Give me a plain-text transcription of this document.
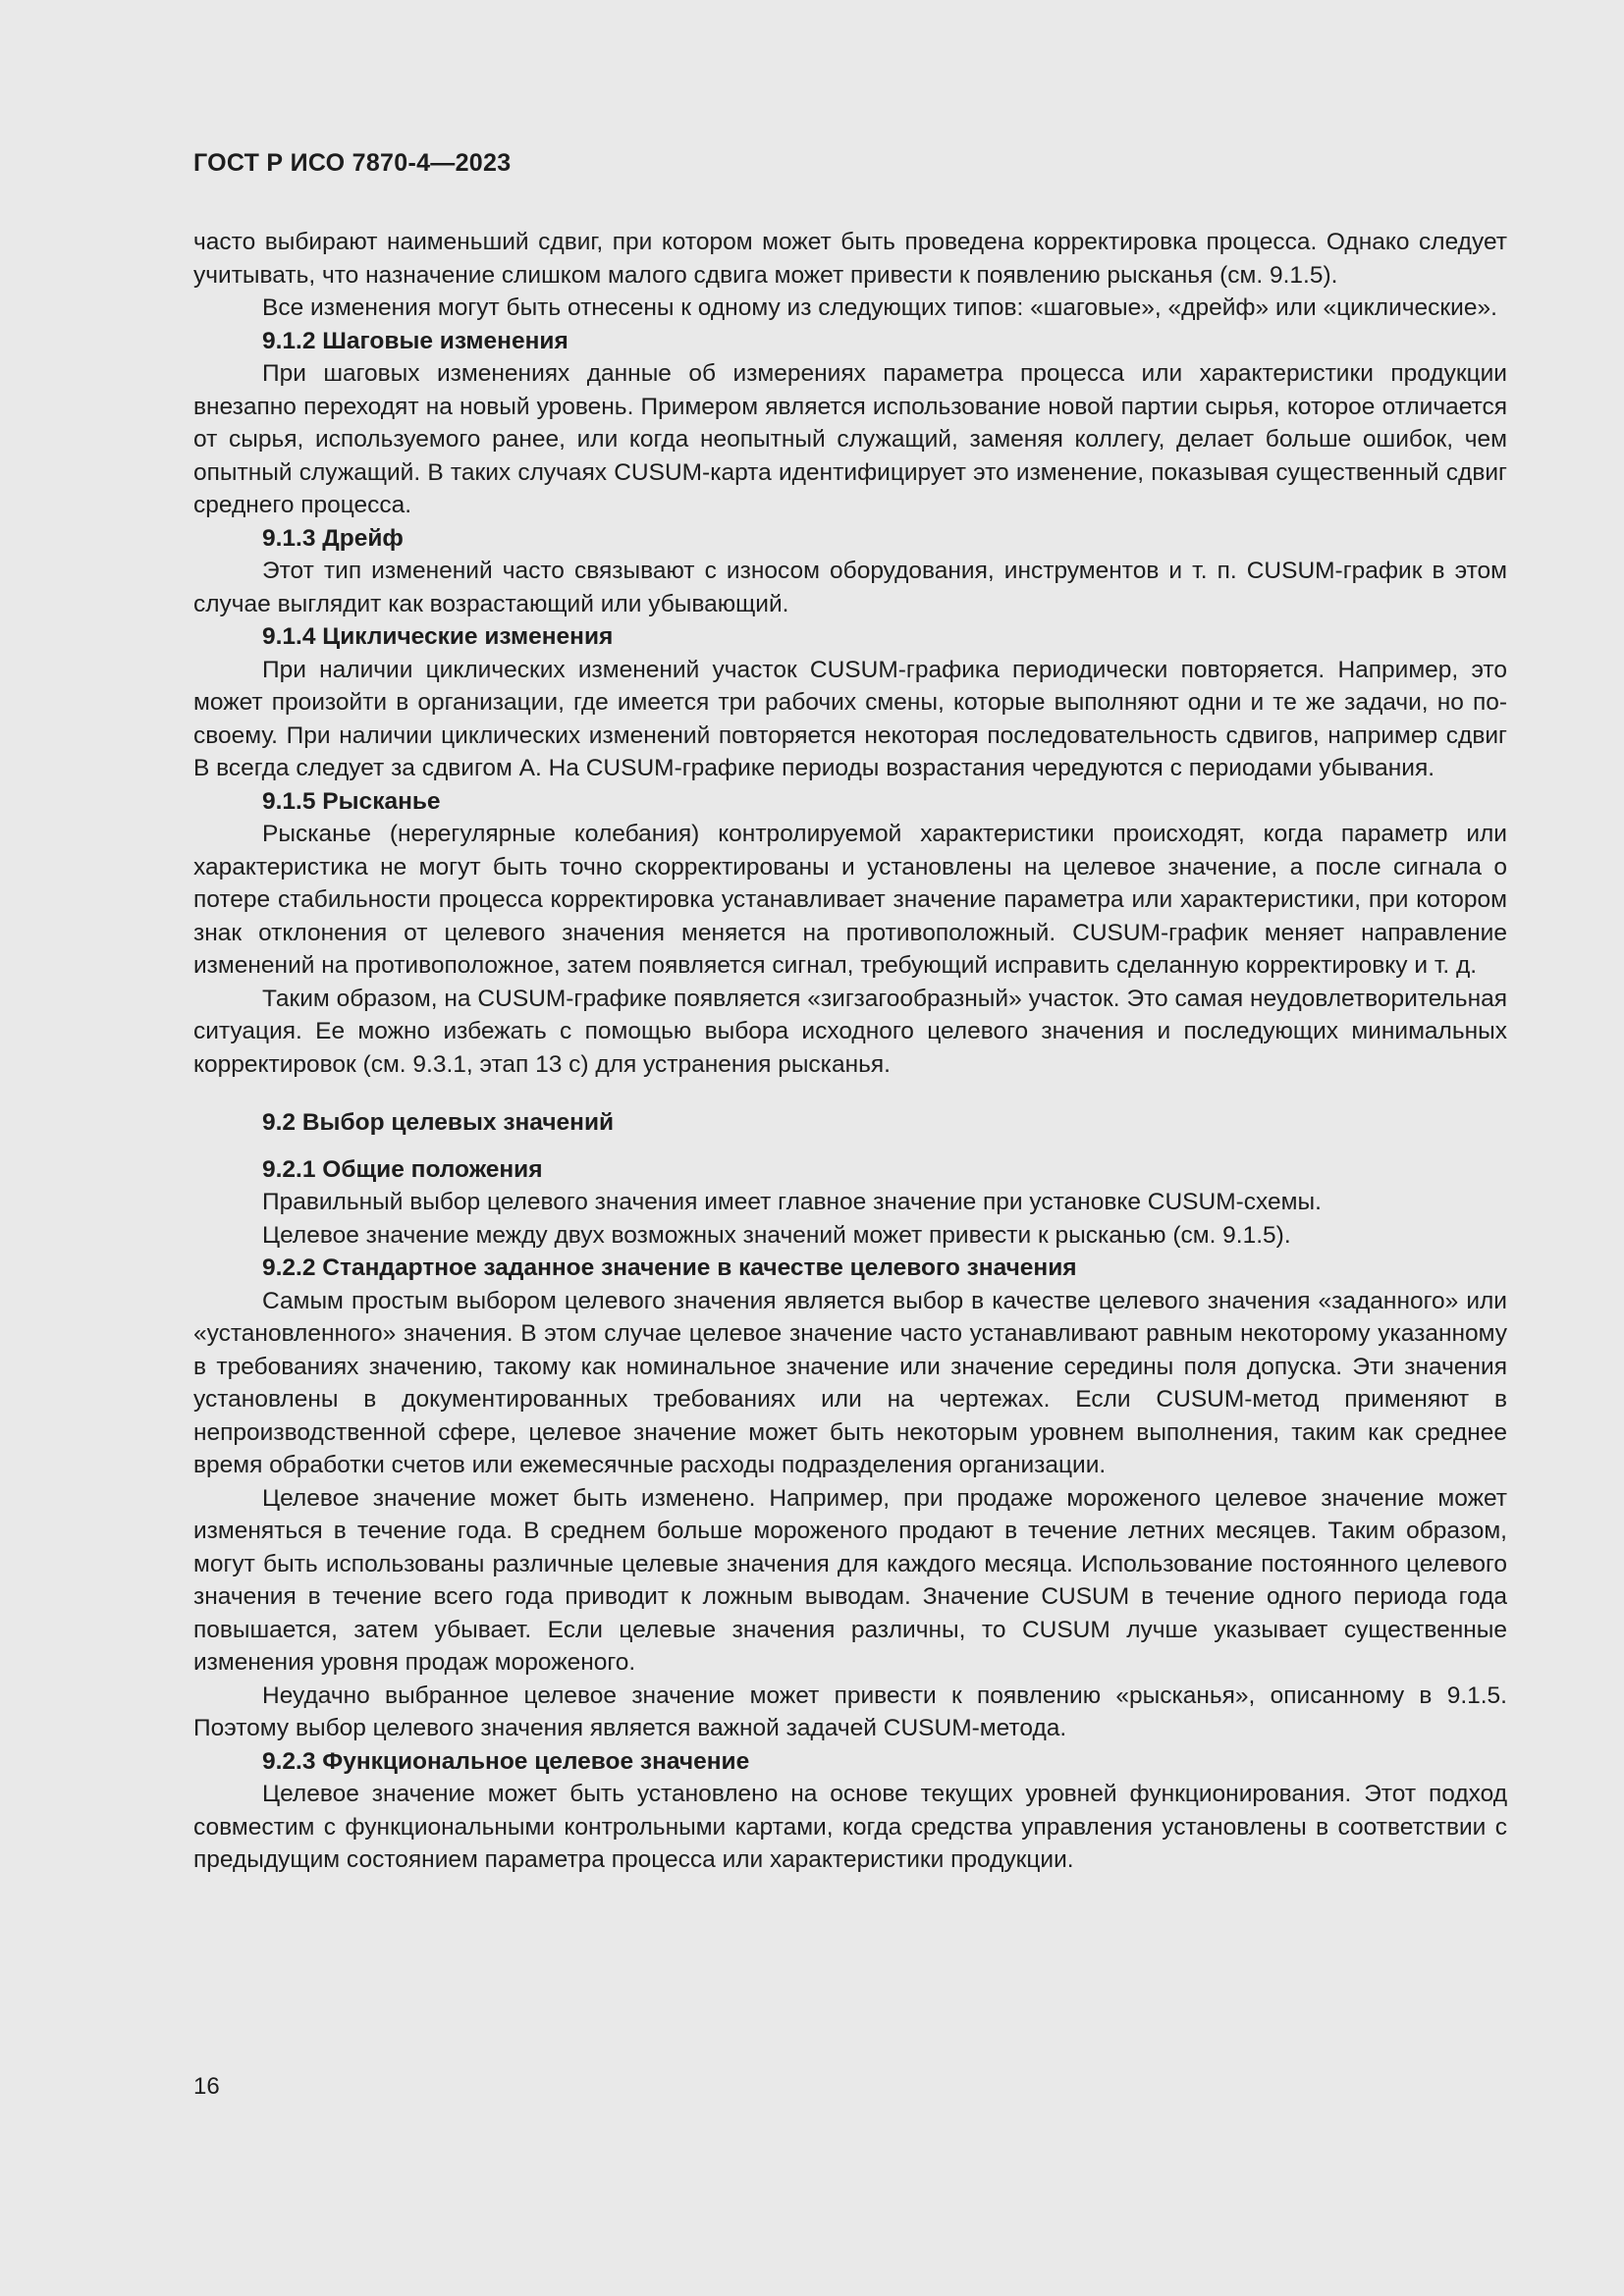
ГОСТ Р ИСО 7870-4—2023

часто выбирают наименьший сдвиг, при котором может быть проведена корректировка процесса. Однако следует учитывать, что назначение слишком малого сдвига может привести к появлению рысканья (см. 9.1.5).

Все изменения могут быть отнесены к одному из следующих типов: «шаговые», «дрейф» или «циклические».

9.1.2 Шаговые изменения

При шаговых изменениях данные об измерениях параметра процесса или характеристики продукции внезапно переходят на новый уровень. Примером является использование новой партии сырья, которое отличается от сырья, используемого ранее, или когда неопытный служащий, заменяя коллегу, делает больше ошибок, чем опытный служащий. В таких случаях CUSUM-карта идентифицирует это изменение, показывая существенный сдвиг среднего процесса.

9.1.3 Дрейф

Этот тип изменений часто связывают с износом оборудования, инструментов и т. п. CUSUM-график в этом случае выглядит как возрастающий или убывающий.

9.1.4 Циклические изменения

При наличии циклических изменений участок CUSUM-графика периодически повторяется. Например, это может произойти в организации, где имеется три рабочих смены, которые выполняют одни и те же задачи, но по-своему. При наличии циклических изменений повторяется некоторая последовательность сдвигов, например сдвиг В всегда следует за сдвигом А. На CUSUM-графике периоды возрастания чередуются с периодами убывания.

9.1.5 Рысканье

Рысканье (нерегулярные колебания) контролируемой характеристики происходят, когда параметр или характеристика не могут быть точно скорректированы и установлены на целевое значение, а после сигнала о потере стабильности процесса корректировка устанавливает значение параметра или характеристики, при котором знак отклонения от целевого значения меняется на противоположный. CUSUM-график меняет направление изменений на противоположное, затем появляется сигнал, требующий исправить сделанную корректировку и т. д.

Таким образом, на CUSUM-графике появляется «зигзагообразный» участок. Это самая неудовлетворительная ситуация. Ее можно избежать с помощью выбора исходного целевого значения и последующих минимальных корректировок (см. 9.3.1, этап 13 с) для устранения рысканья.

9.2 Выбор целевых значений

9.2.1 Общие положения

Правильный выбор целевого значения имеет главное значение при установке CUSUM-схемы.

Целевое значение между двух возможных значений может привести к рысканью (см. 9.1.5).

9.2.2 Стандартное заданное значение в качестве целевого значения

Самым простым выбором целевого значения является выбор в качестве целевого значения «заданного» или «установленного» значения. В этом случае целевое значение часто устанавливают равным некоторому указанному в требованиях значению, такому как номинальное значение или значение середины поля допуска. Эти значения установлены в документированных требованиях или на чертежах. Если CUSUM-метод применяют в непроизводственной сфере, целевое значение может быть некоторым уровнем выполнения, таким как среднее время обработки счетов или ежемесячные расходы подразделения организации.

Целевое значение может быть изменено. Например, при продаже мороженого целевое значение может изменяться в течение года. В среднем больше мороженого продают в течение летних месяцев. Таким образом, могут быть использованы различные целевые значения для каждого месяца. Использование постоянного целевого значения в течение всего года приводит к ложным выводам. Значение CUSUM в течение одного периода года повышается, затем убывает. Если целевые значения различны, то CUSUM лучше указывает существенные изменения уровня продаж мороженого.

Неудачно выбранное целевое значение может привести к появлению «рысканья», описанному в 9.1.5. Поэтому выбор целевого значения является важной задачей CUSUM-метода.

9.2.3 Функциональное целевое значение

Целевое значение может быть установлено на основе текущих уровней функционирования. Этот подход совместим с функциональными контрольными картами, когда средства управления установлены в соответствии с предыдущим состоянием параметра процесса или характеристики продукции.

16
